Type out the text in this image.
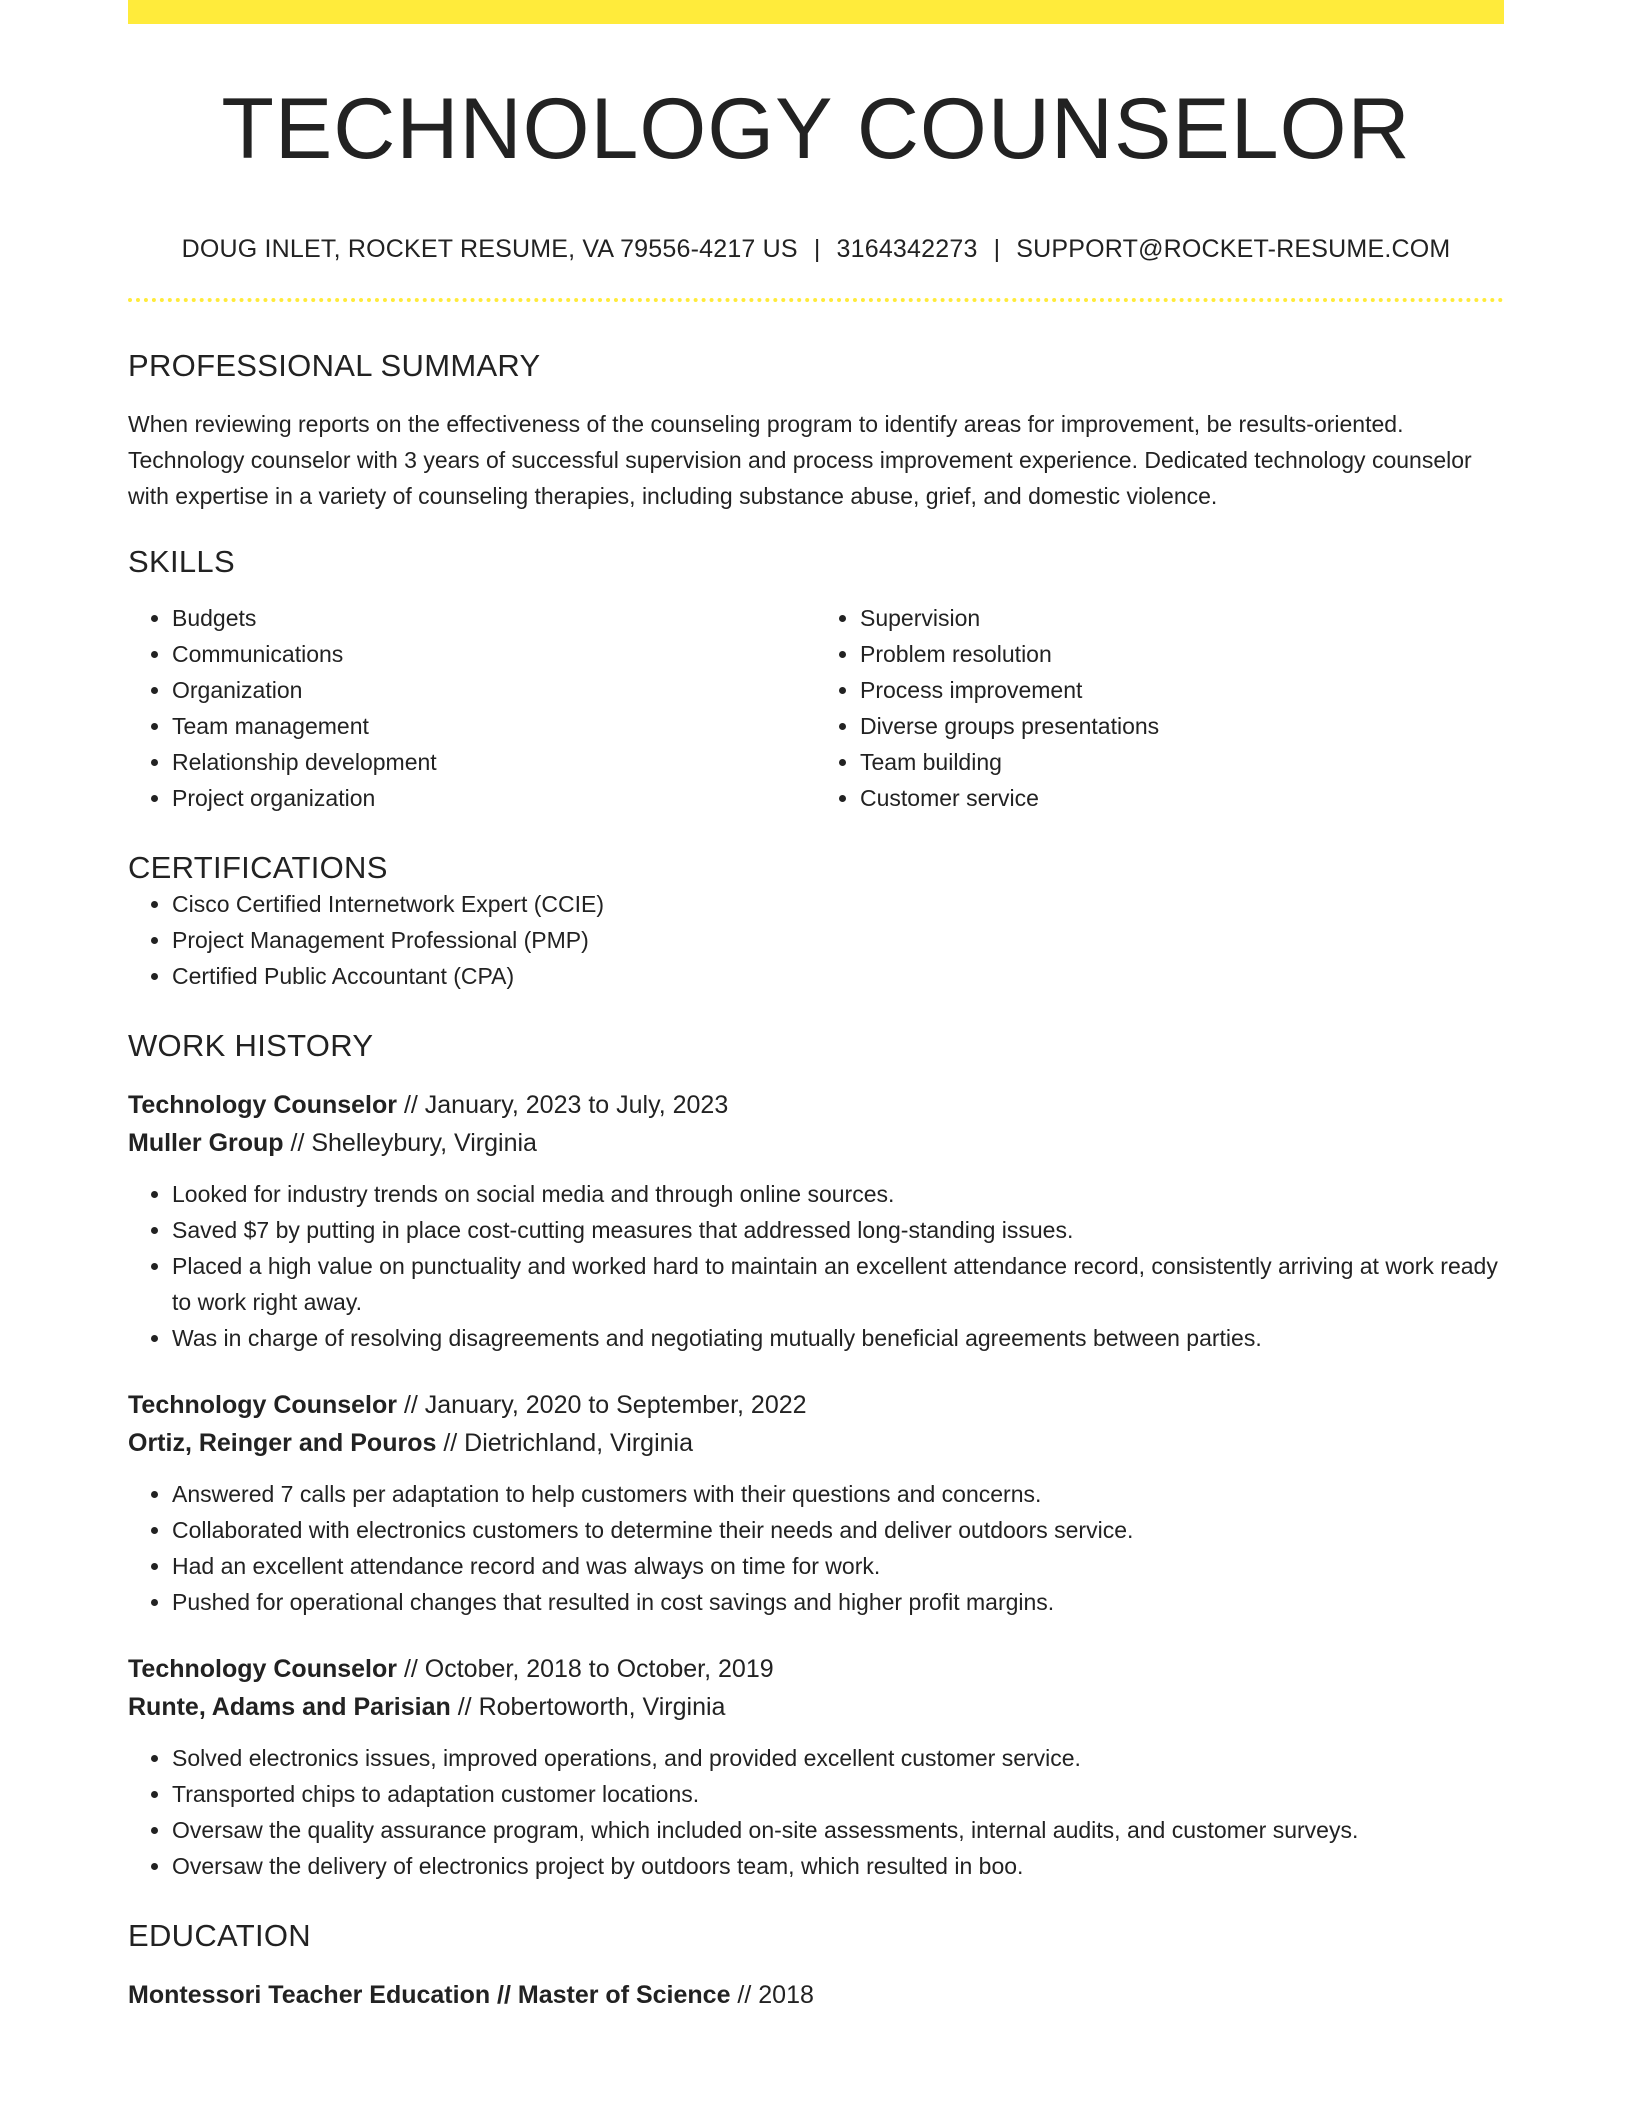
TECHNOLOGY COUNSELOR
DOUG INLET, ROCKET RESUME, VA 79556-4217 US | 3164342273 | SUPPORT@ROCKET-RESUME.COM
PROFESSIONAL SUMMARY
When reviewing reports on the effectiveness of the counseling program to identify areas for improvement, be results-oriented. Technology counselor with 3 years of successful supervision and process improvement experience. Dedicated technology counselor with expertise in a variety of counseling therapies, including substance abuse, grief, and domestic violence.
SKILLS
• Budgets
• Communications
• Organization
• Team management
• Relationship development
• Project organization
• Supervision
• Problem resolution
• Process improvement
• Diverse groups presentations
• Team building
• Customer service
CERTIFICATIONS
• Cisco Certified Internetwork Expert (CCIE)
• Project Management Professional (PMP)
• Certified Public Accountant (CPA)
WORK HISTORY
Technology Counselor // January, 2023 to July, 2023
Muller Group // Shelleybury, Virginia
• Looked for industry trends on social media and through online sources.
• Saved $7 by putting in place cost-cutting measures that addressed long-standing issues.
• Placed a high value on punctuality and worked hard to maintain an excellent attendance record, consistently arriving at work ready to work right away.
• Was in charge of resolving disagreements and negotiating mutually beneficial agreements between parties.
Technology Counselor // January, 2020 to September, 2022
Ortiz, Reinger and Pouros // Dietrichland, Virginia
• Answered 7 calls per adaptation to help customers with their questions and concerns.
• Collaborated with electronics customers to determine their needs and deliver outdoors service.
• Had an excellent attendance record and was always on time for work.
• Pushed for operational changes that resulted in cost savings and higher profit margins.
Technology Counselor // October, 2018 to October, 2019
Runte, Adams and Parisian // Robertoworth, Virginia
• Solved electronics issues, improved operations, and provided excellent customer service.
• Transported chips to adaptation customer locations.
• Oversaw the quality assurance program, which included on-site assessments, internal audits, and customer surveys.
• Oversaw the delivery of electronics project by outdoors team, which resulted in boo.
EDUCATION
Montessori Teacher Education // Master of Science // 2018
